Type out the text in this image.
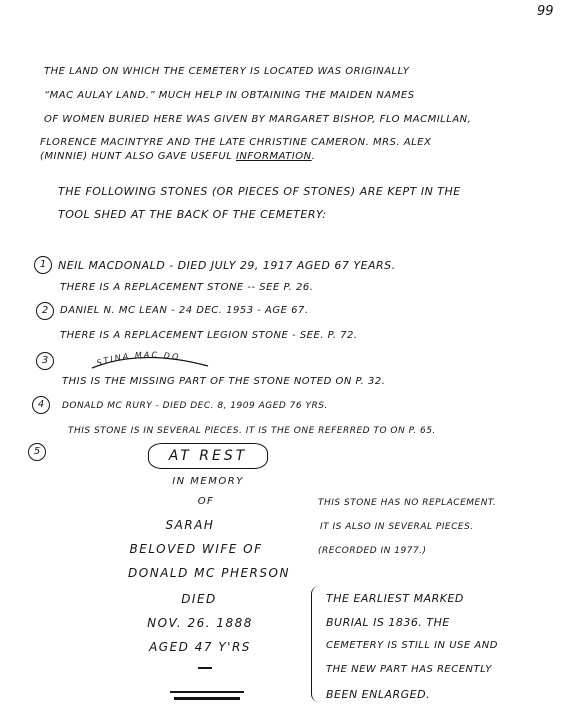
99
THE LAND ON WHICH THE CEMETERY IS LOCATED WAS ORIGINALLY
“MAC AULAY LAND.” MUCH HELP IN OBTAINING THE MAIDEN NAMES
OF WOMEN BURIED HERE WAS GIVEN BY MARGARET BISHOP, FLO MACMILLAN,
FLORENCE MACINTYRE AND THE LATE CHRISTINE CAMERON. MRS. ALEX
(MINNIE) HUNT ALSO GAVE USEFUL INFORMATION.
THE FOLLOWING STONES (OR PIECES OF STONES) ARE KEPT IN THE
TOOL SHED AT THE BACK OF THE CEMETERY:
1	NEIL MACDONALD - DIED JULY 29, 1917 AGED 67 YEARS.
THERE IS A REPLACEMENT STONE -- SEE P. 26.
2	DANIEL N. MC LEAN - 24 DEC. 1953 - AGE 67.
THERE IS A REPLACEMENT LEGION STONE - SEE. P. 72.
3	STINA MAC DO
THIS IS THE MISSING PART OF THE STONE NOTED ON P. 32.
4	DONALD MC RURY - DIED DEC. 8, 1909 AGED 76 YRS.
THIS STONE IS IN SEVERAL PIECES. IT IS THE ONE REFERRED TO ON P. 65.
5	AT REST
IN MEMORY
OF
SARAH
BELOVED WIFE OF
DONALD MC PHERSON
DIED
NOV. 26. 1888
AGED 47 Y'RS
THIS STONE HAS NO REPLACEMENT.
IT IS ALSO IN SEVERAL PIECES.
(RECORDED IN 1977.)
THE EARLIEST MARKED
BURIAL IS 1836. THE
CEMETERY IS STILL IN USE AND
THE NEW PART HAS RECENTLY
BEEN ENLARGED.
